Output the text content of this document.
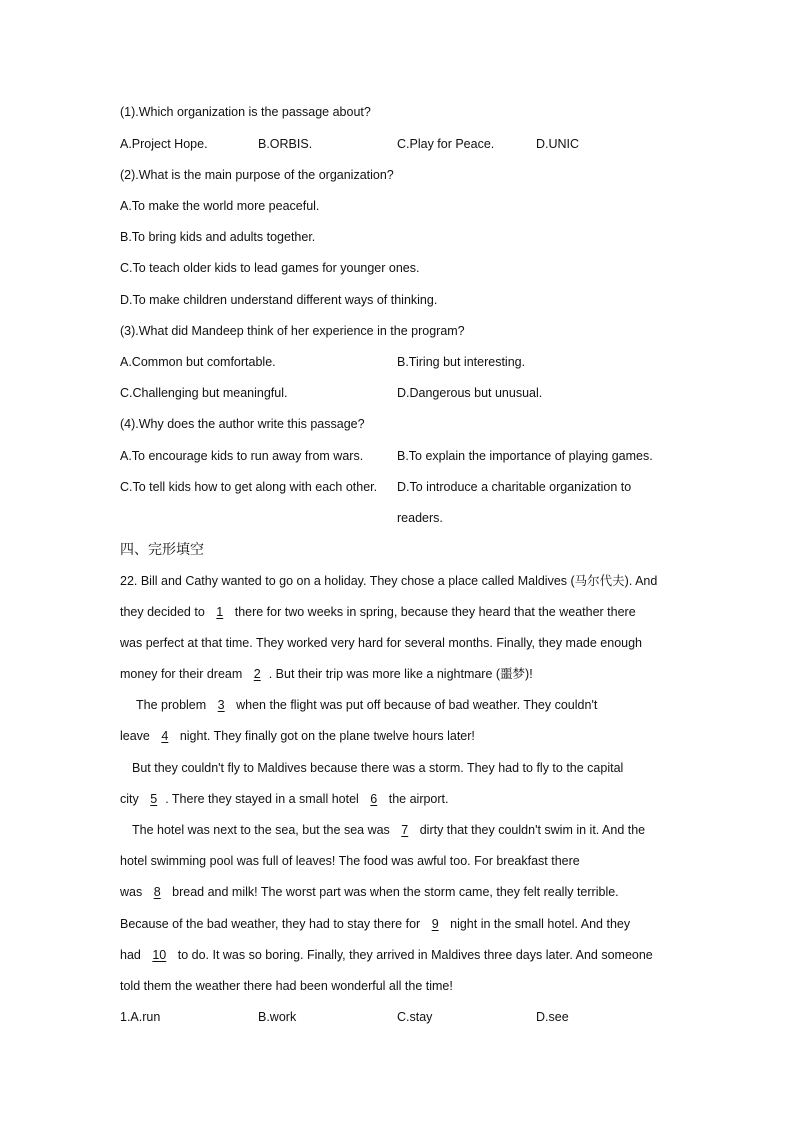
(1).Which organization is the passage about?
A.Project Hope.	B.ORBIS.	C.Play for Peace.	D.UNIC
(2).What is the main purpose of the organization?
A.To make the world more peaceful.
B.To bring kids and adults together.
C.To teach older kids to lead games for younger ones.
D.To make children understand different ways of thinking.
(3).What did Mandeep think of her experience in the program?
A.Common but comfortable.	B.Tiring but interesting.
C.Challenging but meaningful.	D.Dangerous but unusual.
(4).Why does the author write this passage?
A.To encourage kids to run away from wars.	B.To explain the importance of playing games.
C.To tell kids how to get along with each other. D.To introduce a charitable organization to readers.
四、完形填空
22. Bill and Cathy wanted to go on a holiday. They chose a place called Maldives (马尔代夫). And
they decided to 1 there for two weeks in spring, because they heard that the weather there
was perfect at that time. They worked very hard for several months. Finally, they made enough
money for their dream 2 . But their trip was more like a nightmare (噩梦)!
The problem 3 when the flight was put off because of bad weather. They couldn't
leave 4 night. They finally got on the plane twelve hours later!
But they couldn't fly to Maldives because there was a storm. They had to fly to the capital
city 5 . There they stayed in a small hotel 6 the airport.
The hotel was next to the sea, but the sea was 7 dirty that they couldn't swim in it. And the
hotel swimming pool was full of leaves! The food was awful too. For breakfast there
was 8 bread and milk! The worst part was when the storm came, they felt really terrible.
Because of the bad weather, they had to stay there for 9 night in the small hotel. And they
had 10 to do. It was so boring. Finally, they arrived in Maldives three days later. And someone
told them the weather there had been wonderful all the time!
1.A.run	B.work	C.stay	D.see
